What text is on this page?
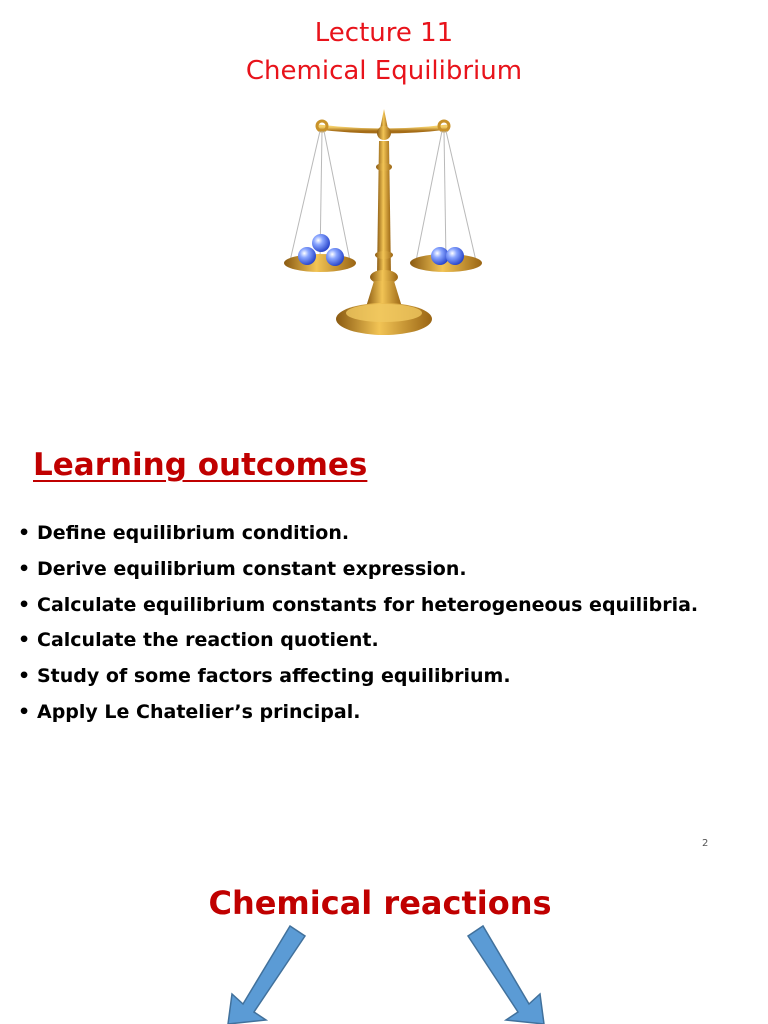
Lecture 11
Chemical Equilibrium
Learning outcomes
• Define equilibrium condition.
• Derive equilibrium constant expression.
• Calculate equilibrium constants for heterogeneous equilibria.
• Calculate the reaction quotient.
• Study of some factors affecting equilibrium.
• Apply Le Chatelier’s principal.
2
Chemical reactions
